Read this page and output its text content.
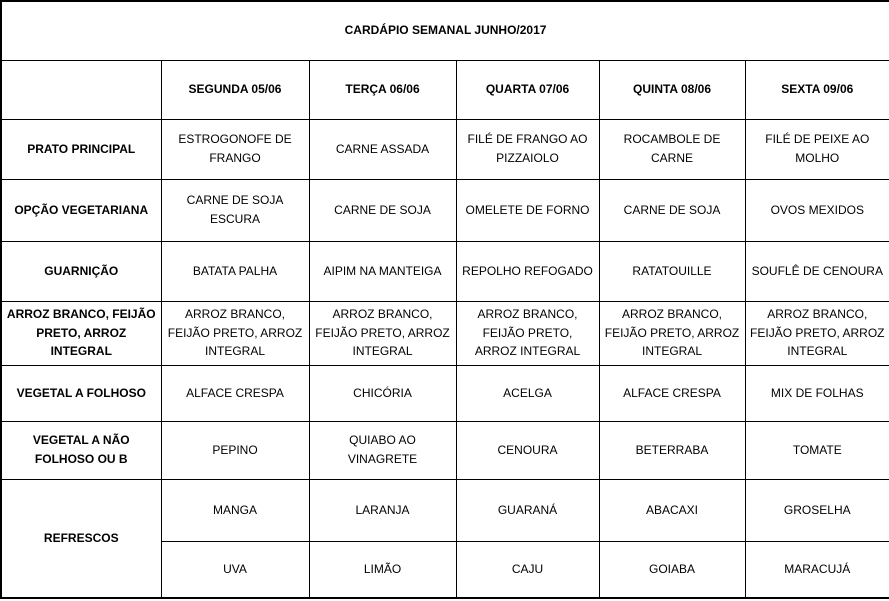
CARDÁPIO SEMANAL JUNHO/2017					
	SEGUNDA 05/06	TERÇA 06/06	QUARTA 07/06	QUINTA 08/06	SEXTA 09/06
PRATO PRINCIPAL	ESTROGONOFE DE FRANGO	CARNE ASSADA	FILÉ DE FRANGO AO PIZZAIOLO	ROCAMBOLE DE CARNE	FILÉ DE PEIXE AO MOLHO
OPÇÃO VEGETARIANA	CARNE DE SOJA ESCURA	CARNE DE SOJA	OMELETE DE FORNO	CARNE DE SOJA	OVOS MEXIDOS
GUARNIÇÃO	BATATA PALHA	AIPIM NA MANTEIGA	REPOLHO REFOGADO	RATATOUILLE	SOUFLÊ DE CENOURA
ARROZ BRANCO, FEIJÃO PRETO, ARROZ INTEGRAL	ARROZ BRANCO, FEIJÃO PRETO, ARROZ INTEGRAL	ARROZ BRANCO, FEIJÃO PRETO, ARROZ INTEGRAL	ARROZ BRANCO, FEIJÃO PRETO, ARROZ INTEGRAL	ARROZ BRANCO, FEIJÃO PRETO, ARROZ INTEGRAL	ARROZ BRANCO, FEIJÃO PRETO, ARROZ INTEGRAL
VEGETAL A FOLHOSO	ALFACE CRESPA	CHICÓRIA	ACELGA	ALFACE CRESPA	MIX DE FOLHAS
VEGETAL A NÃO FOLHOSO OU B	PEPINO	QUIABO AO VINAGRETE	CENOURA	BETERRABA	TOMATE
REFRESCOS	MANGA	LARANJA	GUARANÁ	ABACAXI	GROSELHA
	UVA	LIMÃO	CAJU	GOIABA	MARACUJÁ
